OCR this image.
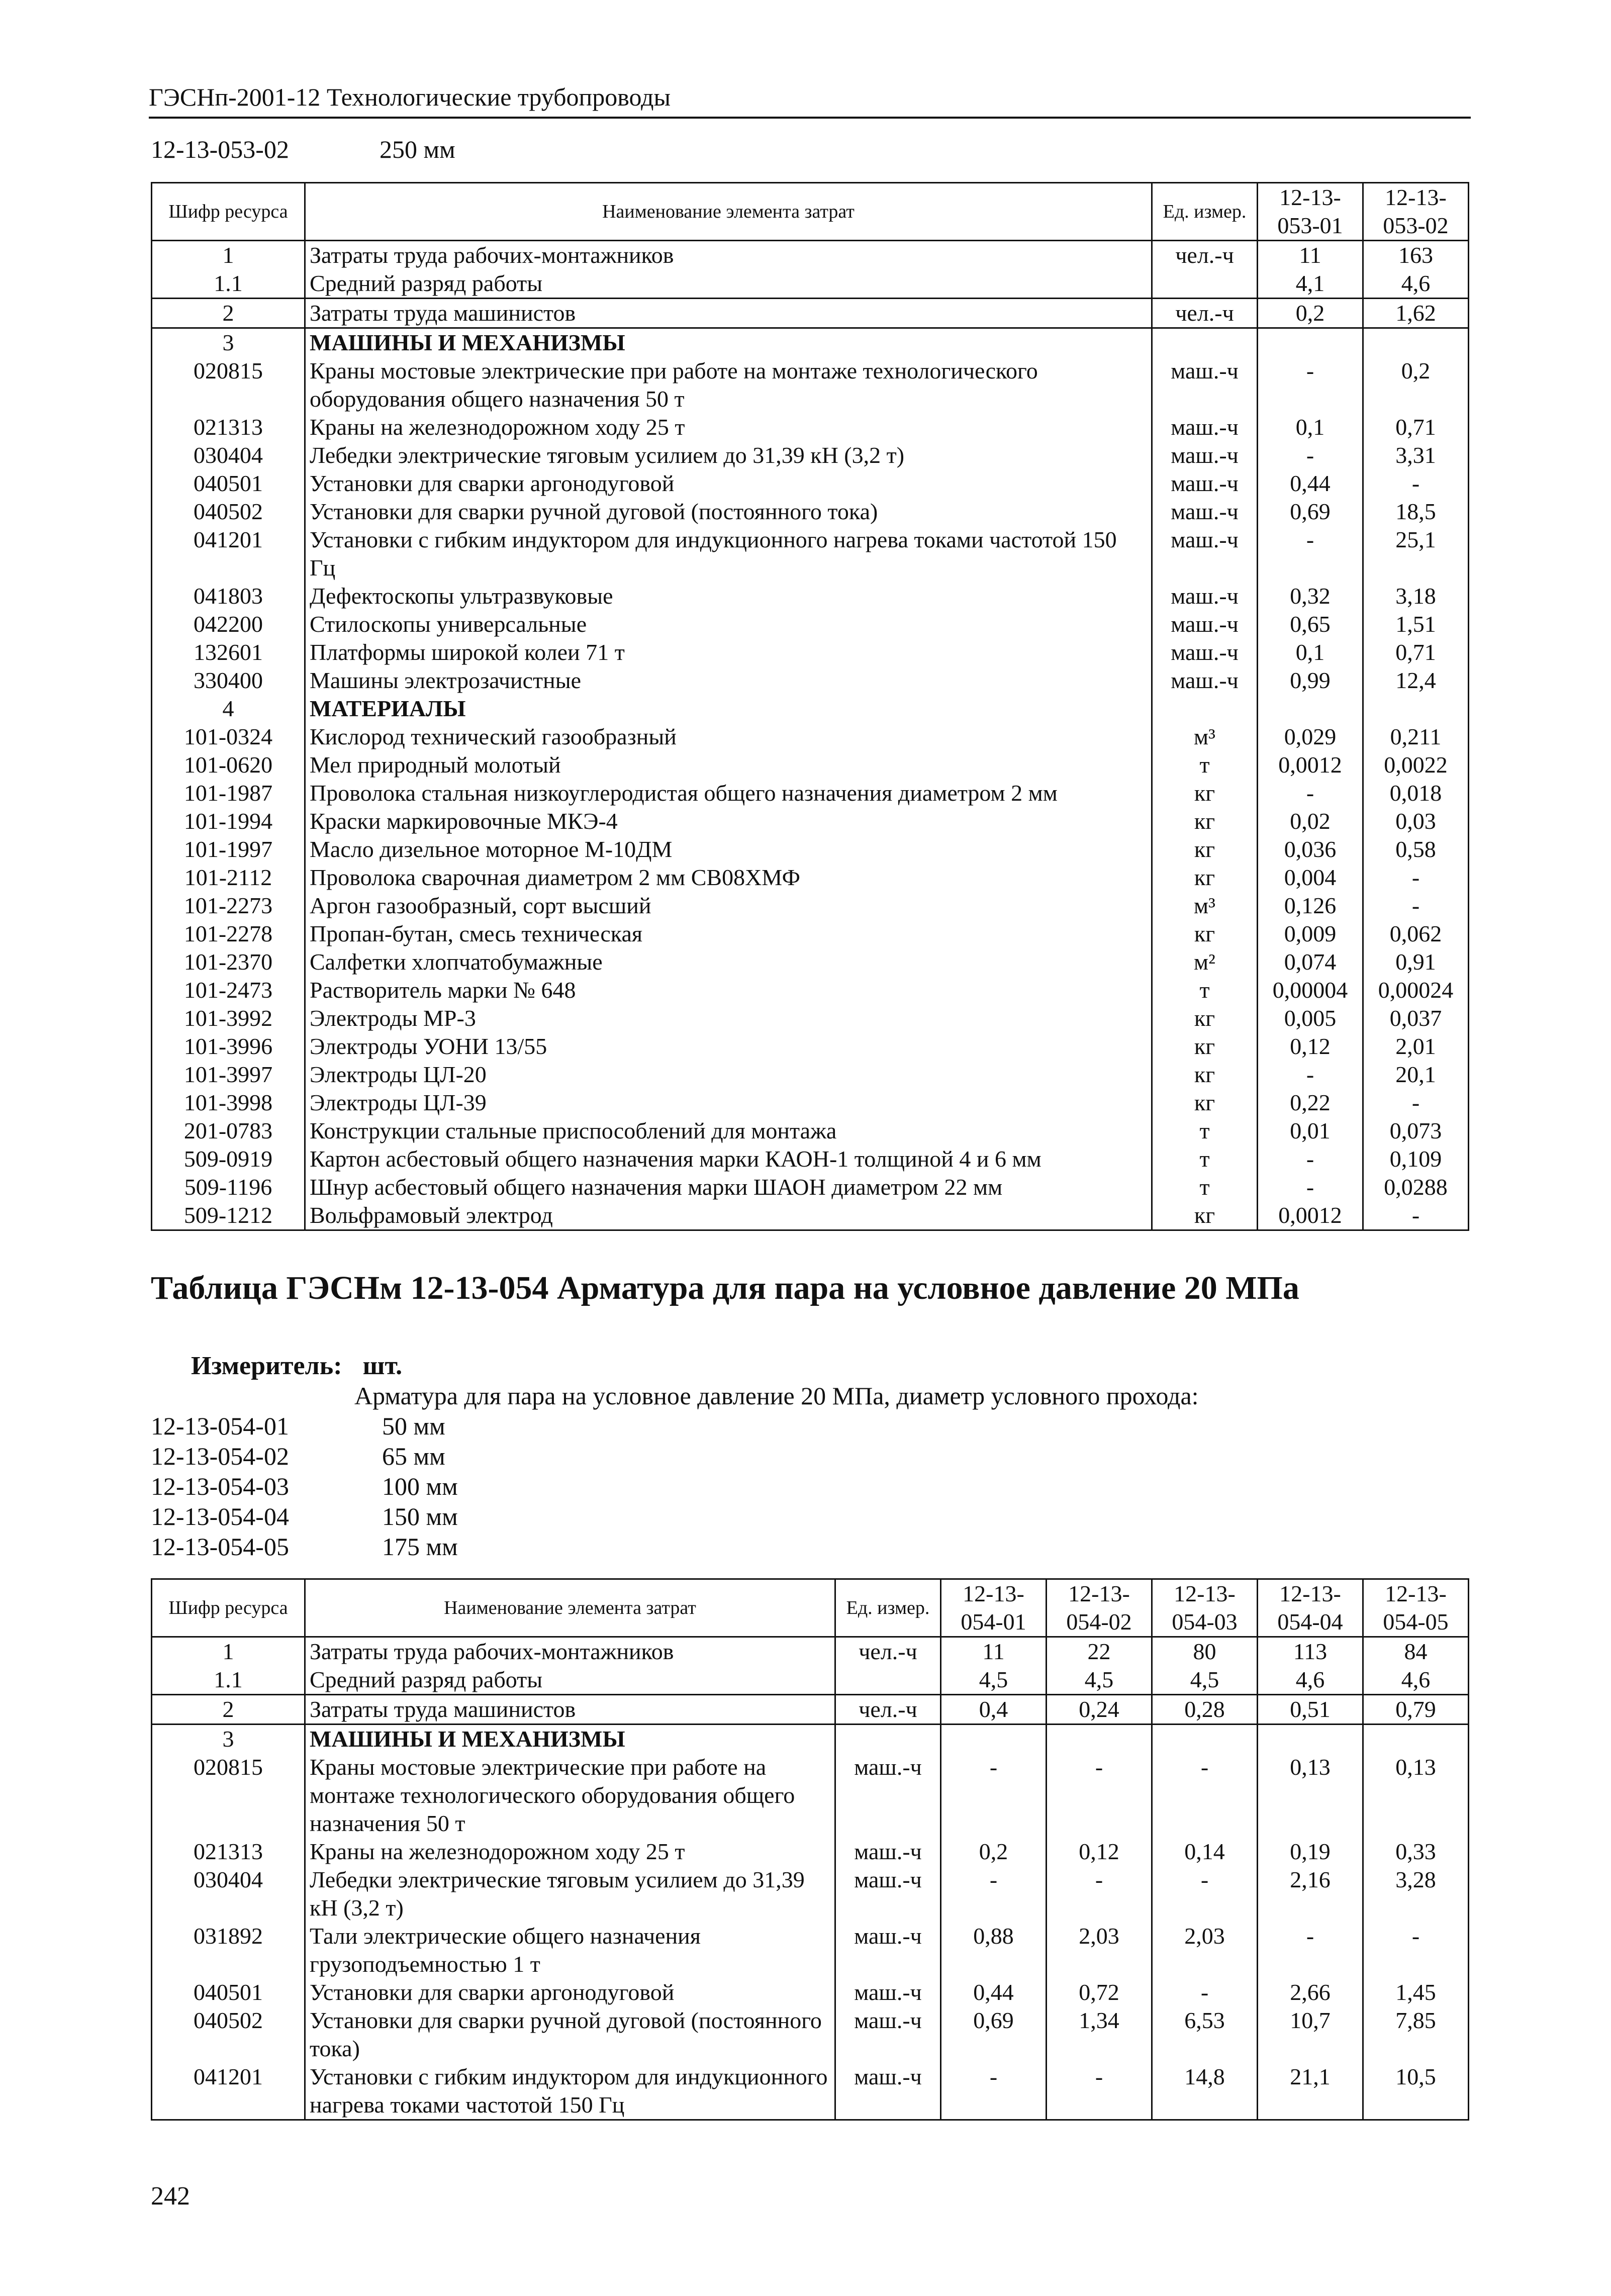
ГЭСНп-2001-12 Технологические трубопроводы
12-13-053-02	250 мм
Шифр ресурса	Наименование элемента затрат	Ед. измер.	12-13-053-01	12-13-053-02
1	Затраты труда рабочих-монтажников	чел.-ч	11	163
1.1	Средний разряд работы		4,1	4,6
2	Затраты труда машинистов	чел.-ч	0,2	1,62
3	МАШИНЫ И МЕХАНИЗМЫ			
020815	Краны мостовые электрические при работе на монтаже технологического оборудования общего назначения 50 т	маш.-ч	-	0,2
021313	Краны на железнодорожном ходу 25 т	маш.-ч	0,1	0,71
030404	Лебедки электрические тяговым усилием до 31,39 кН (3,2 т)	маш.-ч	-	3,31
040501	Установки для сварки аргонодуговой	маш.-ч	0,44	-
040502	Установки для сварки ручной дуговой (постоянного тока)	маш.-ч	0,69	18,5
041201	Установки с гибким индуктором для индукционного нагрева токами частотой 150 Гц	маш.-ч	-	25,1
041803	Дефектоскопы ультразвуковые	маш.-ч	0,32	3,18
042200	Стилоскопы универсальные	маш.-ч	0,65	1,51
132601	Платформы широкой колеи 71 т	маш.-ч	0,1	0,71
330400	Машины электрозачистные	маш.-ч	0,99	12,4
4	МАТЕРИАЛЫ			
101-0324	Кислород технический газообразный	м³	0,029	0,211
101-0620	Мел природный молотый	т	0,0012	0,0022
101-1987	Проволока стальная низкоуглеродистая общего назначения диаметром 2 мм	кг	-	0,018
101-1994	Краски маркировочные МКЭ-4	кг	0,02	0,03
101-1997	Масло дизельное моторное М-10ДМ	кг	0,036	0,58
101-2112	Проволока сварочная диаметром 2 мм СВ08ХМФ	кг	0,004	-
101-2273	Аргон газообразный, сорт высший	м³	0,126	-
101-2278	Пропан-бутан, смесь техническая	кг	0,009	0,062
101-2370	Салфетки хлопчатобумажные	м²	0,074	0,91
101-2473	Растворитель марки № 648	т	0,00004	0,00024
101-3992	Электроды МР-3	кг	0,005	0,037
101-3996	Электроды УОНИ 13/55	кг	0,12	2,01
101-3997	Электроды ЦЛ-20	кг	-	20,1
101-3998	Электроды ЦЛ-39	кг	0,22	-
201-0783	Конструкции стальные приспособлений для монтажа	т	0,01	0,073
509-0919	Картон асбестовый общего назначения марки КАОН-1 толщиной 4 и 6 мм	т	-	0,109
509-1196	Шнур асбестовый общего назначения марки ШАОН диаметром 22 мм	т	-	0,0288
509-1212	Вольфрамовый электрод	кг	0,0012	-
Таблица ГЭСНм 12-13-054 Арматура для пара на условное давление 20 МПа
Измеритель: шт.
Арматура для пара на условное давление 20 МПа, диаметр условного прохода:
12-13-054-01	50 мм
12-13-054-02	65 мм
12-13-054-03	100 мм
12-13-054-04	150 мм
12-13-054-05	175 мм
Шифр ресурса	Наименование элемента затрат	Ед. измер.	12-13-054-01	12-13-054-02	12-13-054-03	12-13-054-04	12-13-054-05
1	Затраты труда рабочих-монтажников	чел.-ч	11	22	80	113	84
1.1	Средний разряд работы		4,5	4,5	4,5	4,6	4,6
2	Затраты труда машинистов	чел.-ч	0,4	0,24	0,28	0,51	0,79
3	МАШИНЫ И МЕХАНИЗМЫ						
020815	Краны мостовые электрические при работе на монтаже технологического оборудования общего назначения 50 т	маш.-ч	-	-	-	0,13	0,13
021313	Краны на железнодорожном ходу 25 т	маш.-ч	0,2	0,12	0,14	0,19	0,33
030404	Лебедки электрические тяговым усилием до 31,39 кН (3,2 т)	маш.-ч	-	-	-	2,16	3,28
031892	Тали электрические общего назначения грузоподъемностью 1 т	маш.-ч	0,88	2,03	2,03	-	-
040501	Установки для сварки аргонодуговой	маш.-ч	0,44	0,72	-	2,66	1,45
040502	Установки для сварки ручной дуговой (постоянного тока)	маш.-ч	0,69	1,34	6,53	10,7	7,85
041201	Установки с гибким индуктором для индукционного нагрева токами частотой 150 Гц	маш.-ч	-	-	14,8	21,1	10,5
242
